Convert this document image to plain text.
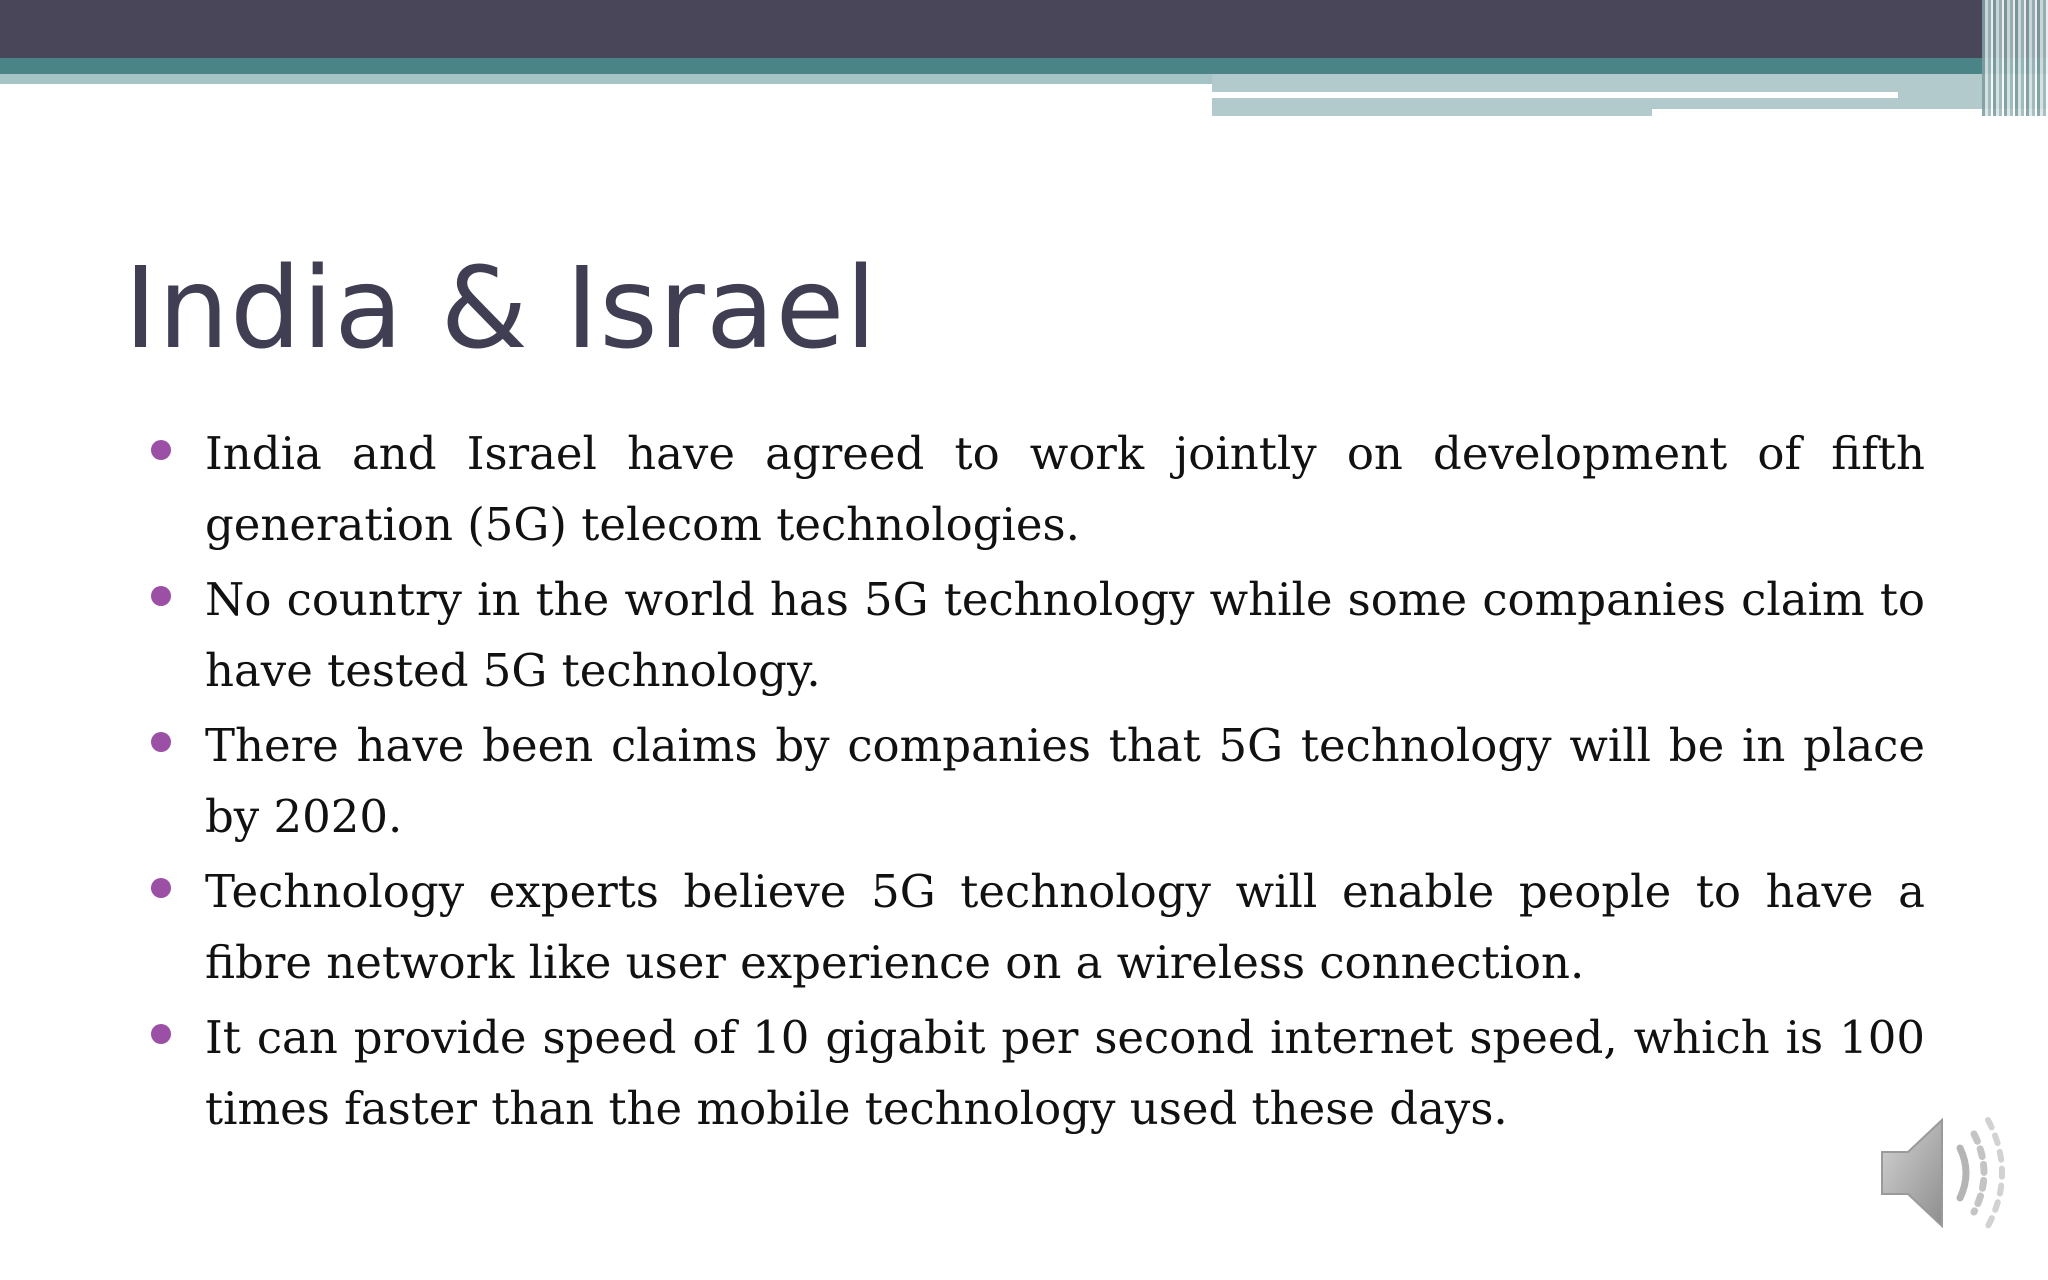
India & Israel
India and Israel have agreed to work jointly on development of fifth generation (5G) telecom technologies.
No country in the world has 5G technology while some companies claim to have tested 5G technology.
There have been claims by companies that 5G technology will be in place by 2020.
Technology experts believe 5G technology will enable people to have a fibre network like user experience on a wireless connection.
It can provide speed of 10 gigabit per second internet speed, which is 100 times faster than the mobile technology used these days.
